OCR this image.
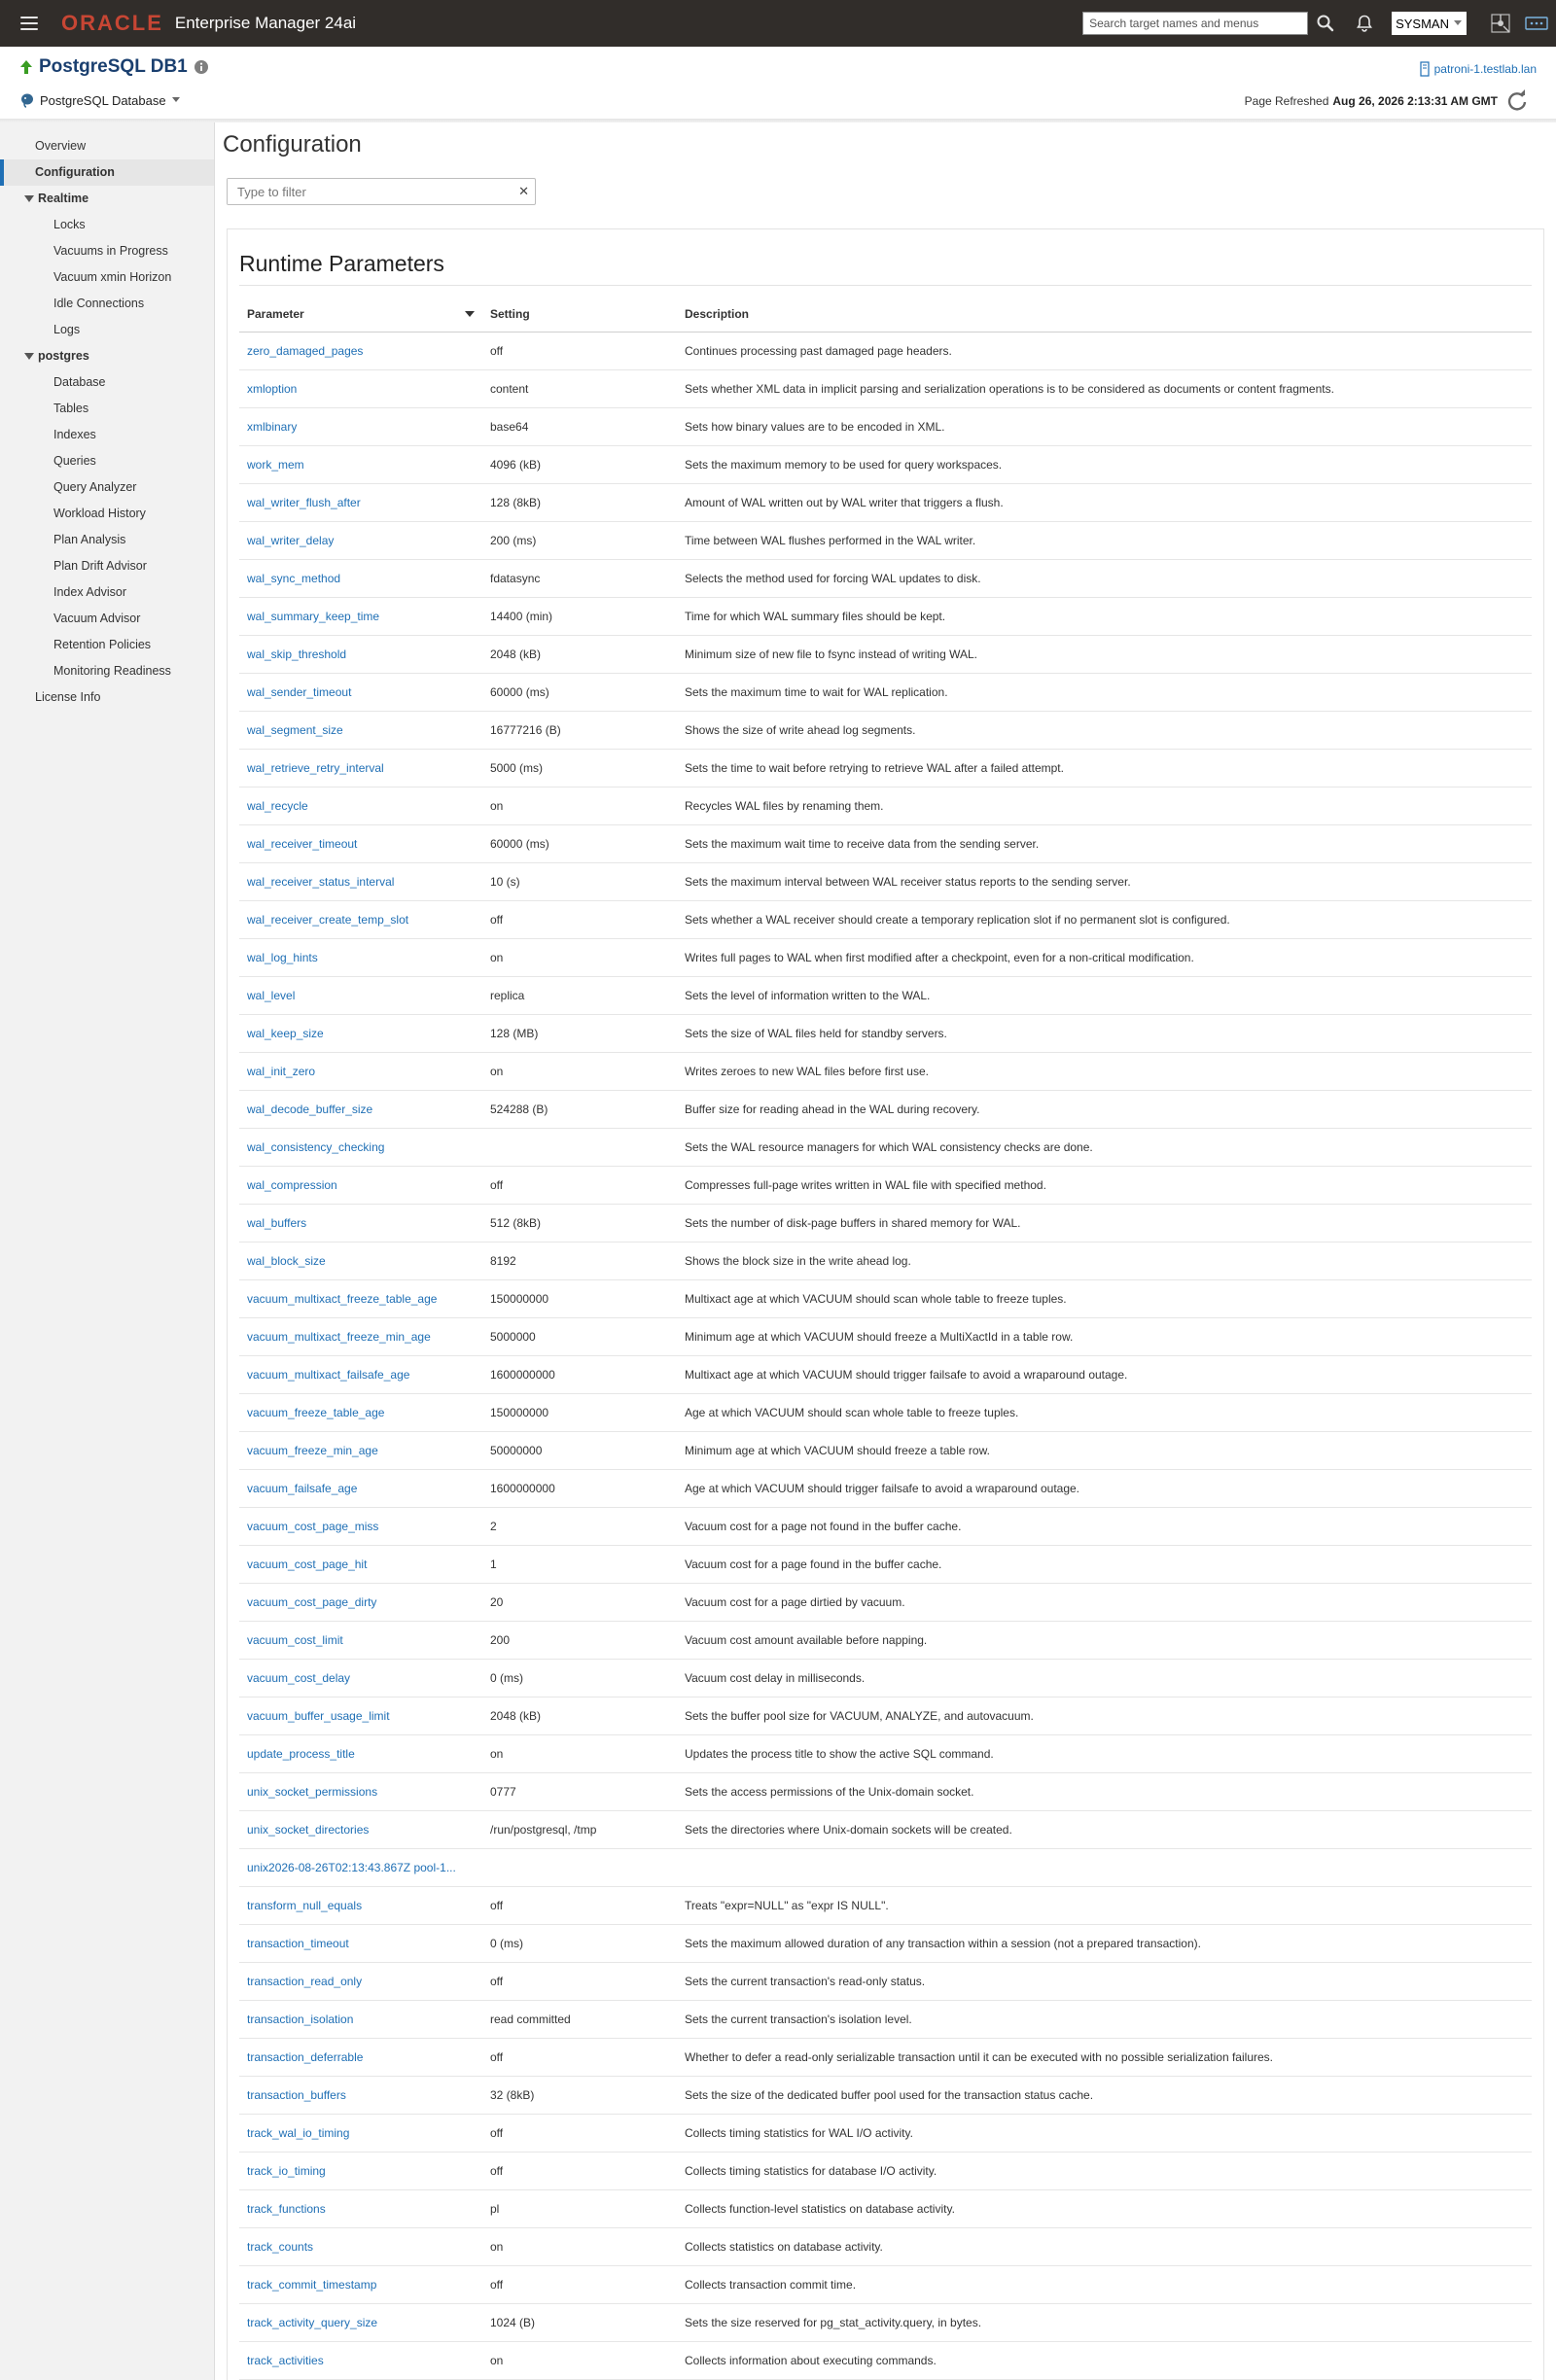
ORACLE Enterprise Manager 24ai
Search target names and menus	SYSMAN
PostgreSQL DB1	patroni-1.testlab.lan
PostgreSQL Database	Page Refreshed Aug 26, 2026 2:13:31 AM GMT
Overview
Configuration
Realtime
Locks
Vacuums in Progress
Vacuum xmin Horizon
Idle Connections
Logs
postgres
Database
Tables
Indexes
Queries
Query Analyzer
Workload History
Plan Analysis
Plan Drift Advisor
Index Advisor
Vacuum Advisor
Retention Policies
Monitoring Readiness
License Info
Configuration
Type to filter
✕
Runtime Parameters
Parameter	Setting	Description
zero_damaged_pages	off	Continues processing past damaged page headers.
xmloption	content	Sets whether XML data in implicit parsing and serialization operations is to be considered as documents or content fragments.
xmlbinary	base64	Sets how binary values are to be encoded in XML.
work_mem	4096 (kB)	Sets the maximum memory to be used for query workspaces.
wal_writer_flush_after	128 (8kB)	Amount of WAL written out by WAL writer that triggers a flush.
wal_writer_delay	200 (ms)	Time between WAL flushes performed in the WAL writer.
wal_sync_method	fdatasync	Selects the method used for forcing WAL updates to disk.
wal_summary_keep_time	14400 (min)	Time for which WAL summary files should be kept.
wal_skip_threshold	2048 (kB)	Minimum size of new file to fsync instead of writing WAL.
wal_sender_timeout	60000 (ms)	Sets the maximum time to wait for WAL replication.
wal_segment_size	16777216 (B)	Shows the size of write ahead log segments.
wal_retrieve_retry_interval	5000 (ms)	Sets the time to wait before retrying to retrieve WAL after a failed attempt.
wal_recycle	on	Recycles WAL files by renaming them.
wal_receiver_timeout	60000 (ms)	Sets the maximum wait time to receive data from the sending server.
wal_receiver_status_interval	10 (s)	Sets the maximum interval between WAL receiver status reports to the sending server.
wal_receiver_create_temp_slot	off	Sets whether a WAL receiver should create a temporary replication slot if no permanent slot is configured.
wal_log_hints	on	Writes full pages to WAL when first modified after a checkpoint, even for a non-critical modification.
wal_level	replica	Sets the level of information written to the WAL.
wal_keep_size	128 (MB)	Sets the size of WAL files held for standby servers.
wal_init_zero	on	Writes zeroes to new WAL files before first use.
wal_decode_buffer_size	524288 (B)	Buffer size for reading ahead in the WAL during recovery.
wal_consistency_checking		Sets the WAL resource managers for which WAL consistency checks are done.
wal_compression	off	Compresses full-page writes written in WAL file with specified method.
wal_buffers	512 (8kB)	Sets the number of disk-page buffers in shared memory for WAL.
wal_block_size	8192	Shows the block size in the write ahead log.
vacuum_multixact_freeze_table_age	150000000	Multixact age at which VACUUM should scan whole table to freeze tuples.
vacuum_multixact_freeze_min_age	5000000	Minimum age at which VACUUM should freeze a MultiXactId in a table row.
vacuum_multixact_failsafe_age	1600000000	Multixact age at which VACUUM should trigger failsafe to avoid a wraparound outage.
vacuum_freeze_table_age	150000000	Age at which VACUUM should scan whole table to freeze tuples.
vacuum_freeze_min_age	50000000	Minimum age at which VACUUM should freeze a table row.
vacuum_failsafe_age	1600000000	Age at which VACUUM should trigger failsafe to avoid a wraparound outage.
vacuum_cost_page_miss	2	Vacuum cost for a page not found in the buffer cache.
vacuum_cost_page_hit	1	Vacuum cost for a page found in the buffer cache.
vacuum_cost_page_dirty	20	Vacuum cost for a page dirtied by vacuum.
vacuum_cost_limit	200	Vacuum cost amount available before napping.
vacuum_cost_delay	0 (ms)	Vacuum cost delay in milliseconds.
vacuum_buffer_usage_limit	2048 (kB)	Sets the buffer pool size for VACUUM, ANALYZE, and autovacuum.
update_process_title	on	Updates the process title to show the active SQL command.
unix_socket_permissions	0777	Sets the access permissions of the Unix-domain socket.
unix_socket_directories	/run/postgresql, /tmp	Sets the directories where Unix-domain sockets will be created.
unix2026-08-26T02:13:43.867Z pool-1...		
transform_null_equals	off	Treats "expr=NULL" as "expr IS NULL".
transaction_timeout	0 (ms)	Sets the maximum allowed duration of any transaction within a session (not a prepared transaction).
transaction_read_only	off	Sets the current transaction's read-only status.
transaction_isolation	read committed	Sets the current transaction's isolation level.
transaction_deferrable	off	Whether to defer a read-only serializable transaction until it can be executed with no possible serialization failures.
transaction_buffers	32 (8kB)	Sets the size of the dedicated buffer pool used for the transaction status cache.
track_wal_io_timing	off	Collects timing statistics for WAL I/O activity.
track_io_timing	off	Collects timing statistics for database I/O activity.
track_functions	pl	Collects function-level statistics on database activity.
track_counts	on	Collects statistics on database activity.
track_commit_timestamp	off	Collects transaction commit time.
track_activity_query_size	1024 (B)	Sets the size reserved for pg_stat_activity.query, in bytes.
track_activities	on	Collects information about executing commands.
